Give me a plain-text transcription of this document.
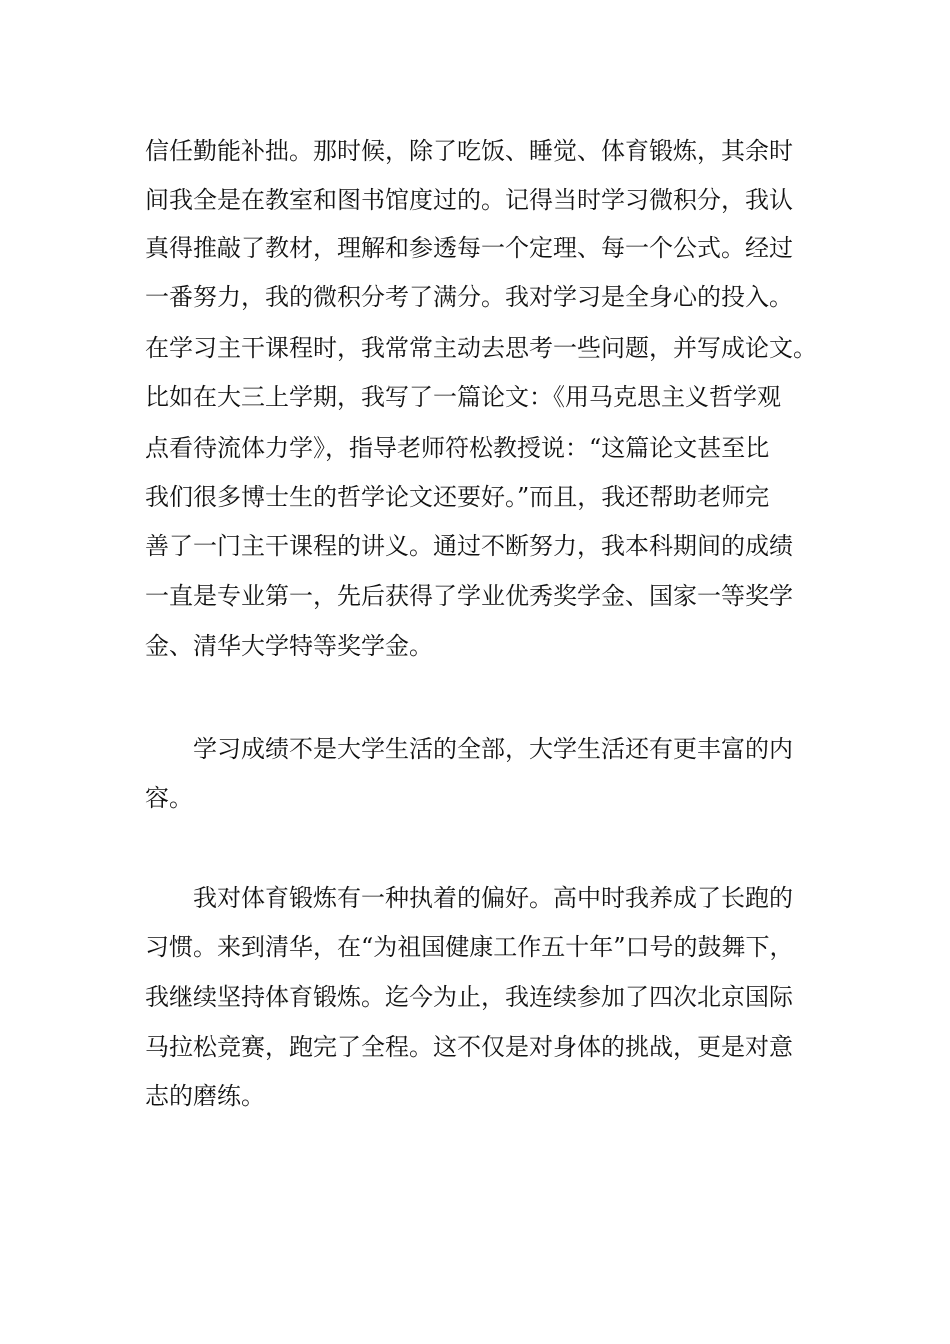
信任勤能补拙。那时候，除了吃饭、睡觉、体育锻炼，其余时
间我全是在教室和图书馆度过的。记得当时学习微积分，我认
真得推敲了教材，理解和参透每一个定理、每一个公式。经过
一番努力，我的微积分考了满分。我对学习是全身心的投入。
在学习主干课程时，我常常主动去思考一些问题，并写成论文。
比如在大三上学期，我写了一篇论文：《用马克思主义哲学观
点看待流体力学》，指导老师符松教授说：“这篇论文甚至比
我们很多博士生的哲学论文还要好。”而且，我还帮助老师完
善了一门主干课程的讲义。通过不断努力，我本科期间的成绩
一直是专业第一，先后获得了学业优秀奖学金、国家一等奖学
金、清华大学特等奖学金。
学习成绩不是大学生活的全部，大学生活还有更丰富的内
容。
我对体育锻炼有一种执着的偏好。高中时我养成了长跑的
习惯。来到清华，在“为祖国健康工作五十年”口号的鼓舞下，
我继续坚持体育锻炼。迄今为止，我连续参加了四次北京国际
马拉松竞赛，跑完了全程。这不仅是对身体的挑战，更是对意
志的磨练。
